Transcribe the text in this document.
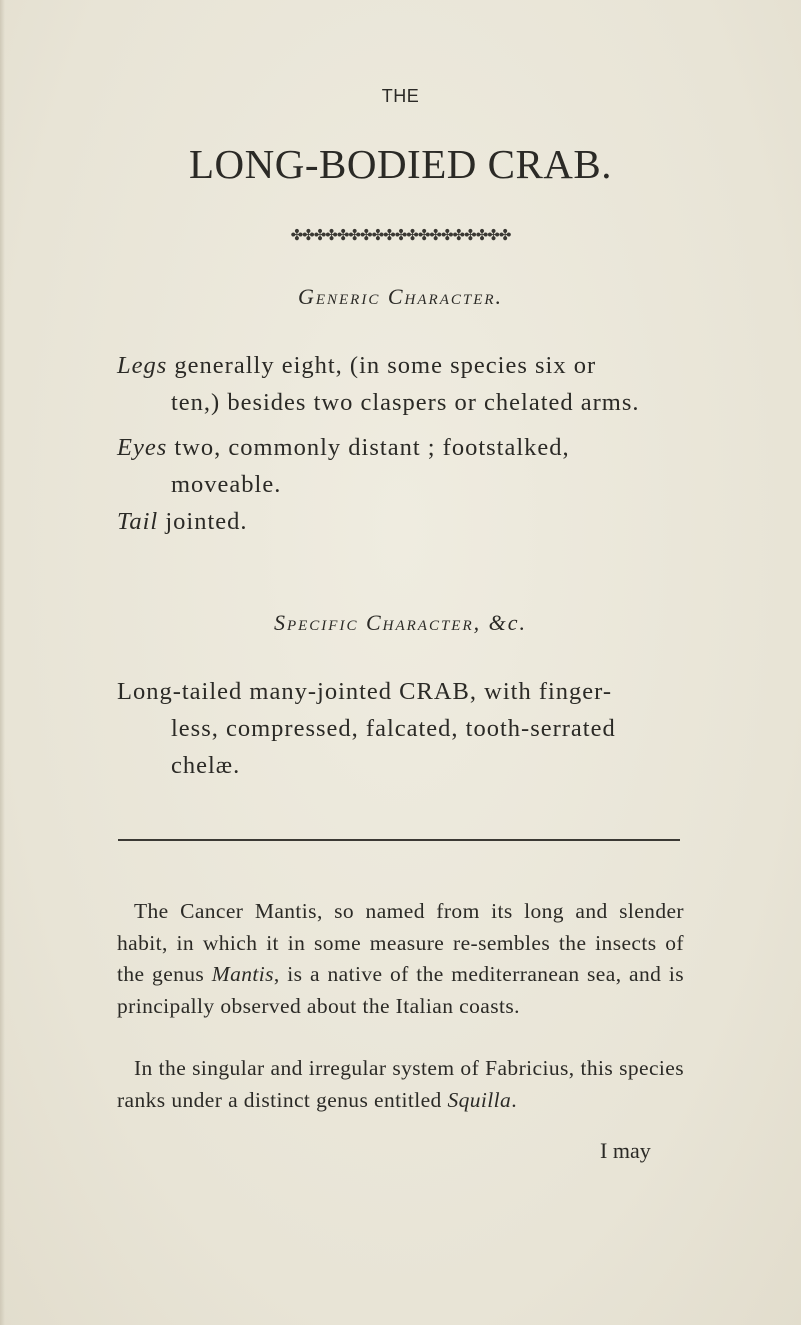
THE
LONG-BODIED CRAB.
✤✤✤✤✤✤✤✤✤✤✤✤✤✤✤✤✤✤✤
Generic Character.
Legs generally eight, (in some species six or
ten,) besides two claspers or chelated arms.
Eyes two, commonly distant ; footstalked,
moveable.
Tail jointed.
Specific Character, &c.
Long-tailed many-jointed CRAB, with finger-
less, compressed, falcated, tooth-serrated
chelæ.
The Cancer Mantis, so named from its long and slender habit, in which it in some measure re-sembles the insects of the genus Mantis, is a native of the mediterranean sea, and is principally observed about the Italian coasts.
In the singular and irregular system of Fabricius, this species ranks under a distinct genus entitled Squilla.
I may
